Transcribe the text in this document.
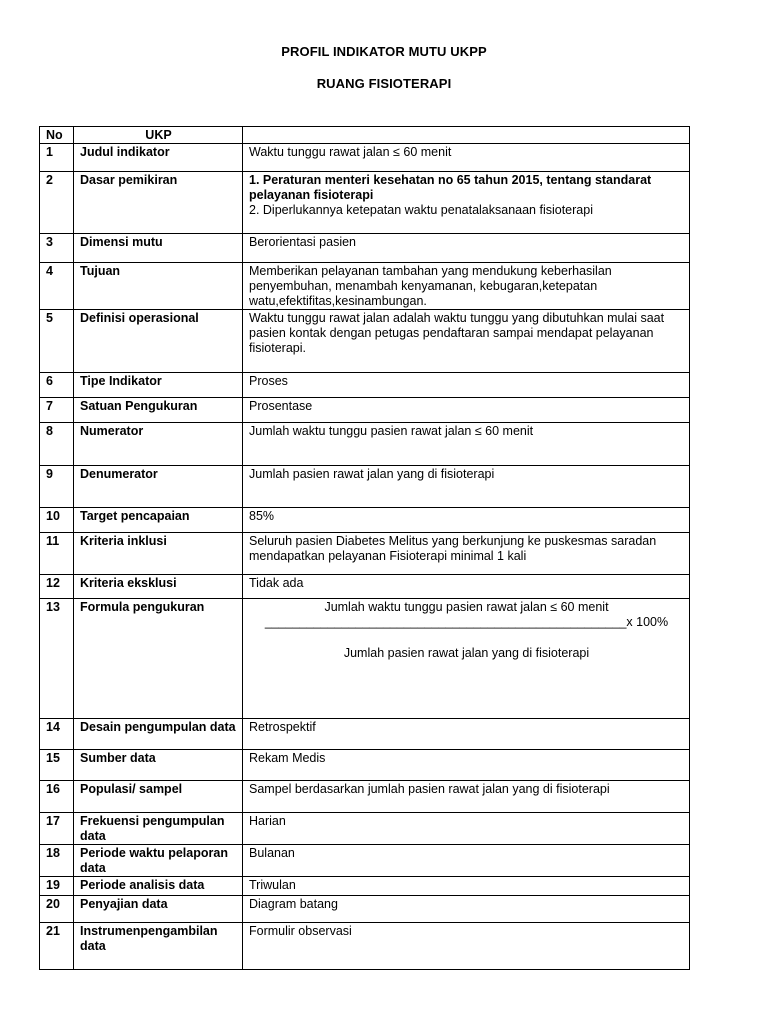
PROFIL INDIKATOR MUTU UKPP
RUANG FISIOTERAPI
No	UKP	
1	Judul indikator	Waktu tunggu rawat jalan ≤ 60 menit
2	Dasar pemikiran	1. Peraturan menteri kesehatan no 65 tahun 2015, tentang standarat pelayanan fisioterapi
2. Diperlukannya ketepatan waktu penatalaksanaan fisioterapi
3	Dimensi mutu	Berorientasi pasien
4	Tujuan	Memberikan pelayanan tambahan yang mendukung keberhasilan penyembuhan, menambah kenyamanan, kebugaran,ketepatan watu,efektifitas,kesinambungan.
5	Definisi operasional	Waktu tunggu rawat jalan adalah waktu tunggu yang dibutuhkan mulai saat pasien kontak dengan petugas pendaftaran sampai mendapat pelayanan fisioterapi.
6	Tipe Indikator	Proses
7	Satuan Pengukuran	Prosentase
8	Numerator	Jumlah waktu tunggu pasien rawat jalan ≤ 60 menit
9	Denumerator	Jumlah pasien rawat jalan yang di fisioterapi
10	Target pencapaian	85%
11	Kriteria inklusi	Seluruh pasien Diabetes Melitus yang berkunjung ke puskesmas saradan mendapatkan pelayanan Fisioterapi minimal 1 kali
12	Kriteria eksklusi	Tidak ada
13	Formula pengukuran	Jumlah waktu tunggu pasien rawat jalan ≤ 60 menit
____________________________________________________x 100%
Jumlah pasien rawat jalan yang di fisioterapi

14	Desain pengumpulan data	Retrospektif
15	Sumber data	Rekam Medis
16	Populasi/ sampel	Sampel berdasarkan jumlah pasien rawat jalan yang di fisioterapi
17	Frekuensi pengumpulan data	Harian
18	Periode waktu pelaporan data	Bulanan
19	Periode analisis data	Triwulan
20	Penyajian data	Diagram batang
21	Instrumenpengambilan data	Formulir observasi
